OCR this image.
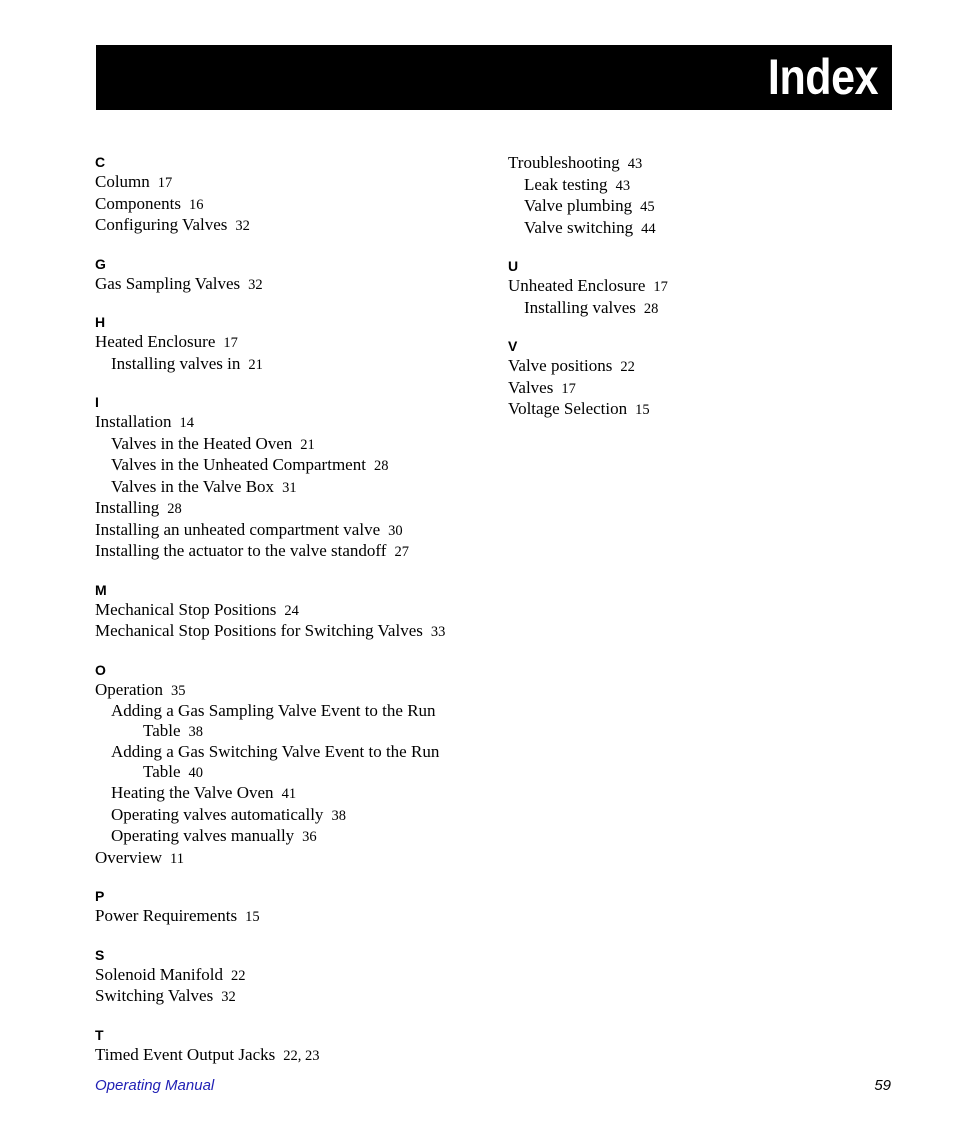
Index
C
Column 17
Components 16
Configuring Valves 32
G
Gas Sampling Valves 32
H
Heated Enclosure 17
Installing valves in 21
I
Installation 14
Valves in the Heated Oven 21
Valves in the Unheated Compartment 28
Valves in the Valve Box 31
Installing 28
Installing an unheated compartment valve 30
Installing the actuator to the valve standoff 27
M
Mechanical Stop Positions 24
Mechanical Stop Positions for Switching Valves 33
O
Operation 35
Adding a Gas Sampling Valve Event to the Run
Table 38
Adding a Gas Switching Valve Event to the Run
Table 40
Heating the Valve Oven 41
Operating valves automatically 38
Operating valves manually 36
Overview 11
P
Power Requirements 15
S
Solenoid Manifold 22
Switching Valves 32
T
Timed Event Output Jacks 22, 23
Troubleshooting 43
Leak testing 43
Valve plumbing 45
Valve switching 44
U
Unheated Enclosure 17
Installing valves 28
V
Valve positions 22
Valves 17
Voltage Selection 15
Operating Manual	59
